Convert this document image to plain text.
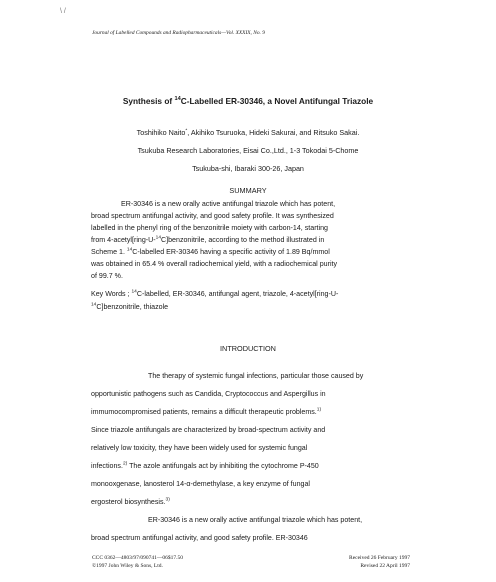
\ /
Journal of Labelled Compounds and Radiopharmaceuticals—Vol. XXXIX, No. 9
Synthesis of $^{14}$C-Labelled ER-30346, a Novel Antifungal Triazole
Toshihiko Naito*, Akihiko Tsuruoka, Hideki Sakurai, and Ritsuko Sakai.
Tsukuba Research Laboratories, Eisai Co.,Ltd., 1-3 Tokodai 5-Chome
Tsukuba-shi, Ibaraki 300-26, Japan
SUMMARY
ER-30346 is a new orally active antifungal triazole which has potent,
broad spectrum antifungal activity, and good safety profile. It was synthesized
labelled in the phenyl ring of the benzonitrile moiety with carbon-14, starting
from 4-acetyl[ring-U-$^{14}$C]benzonitrile, according to the method illustrated in
Scheme 1. $^{14}$C-labelled ER-30346 having a specific activity of 1.89 Bq/mmol
was obtained in 65.4 % overall radiochemical yield, with a radiochemical purity
of 99.7 %.
Key Words ; $^{14}$C-labelled, ER-30346, antifungal agent, triazole, 4-acetyl[ring-U-
$^{14}$C]benzonitrile, thiazole
INTRODUCTION
The therapy of systemic fungal infections, particular those caused by
opportunistic pathogens such as Candida, Cryptococcus and Aspergillus in
immumocompromised patients, remains a difficult therapeutic problems.$^{1)}$
Since triazole antifungals are characterized by broad-spectrum activity and
relatively low toxicity, they have been widely used for systemic fungal
infections.$^{2)}$ The azole antifungals act by inhibiting the cytochrome P-450
monooxgenase, lanosterol 14-α-demethylase, a key enzyme of fungal
ergosterol biosynthesis.$^{3)}$
ER-30346 is a new orally active antifungal triazole which has potent,
broad spectrum antifungal activity, and good safety profile. ER-30346
CCC 0362—4803/97/090741—06$17.50
©1997 John Wiley & Sons, Ltd.
Received 26 February 1997
Revised 22 April 1997
